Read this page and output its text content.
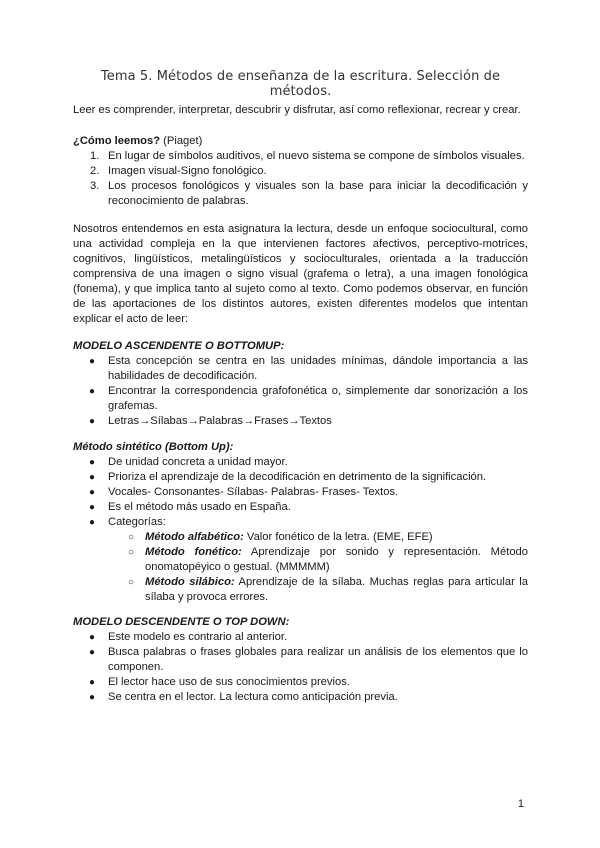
Tema 5. Métodos de enseñanza de la escritura. Selección de métodos.
Leer es comprender, interpretar, descubrir y disfrutar, así como reflexionar, recrear y crear.
¿Cómo leemos? (Piaget)
1. En lugar de símbolos auditivos, el nuevo sistema se compone de símbolos visuales.
2. Imagen visual-Signo fonológico.
3. Los procesos fonológicos y visuales son la base para iniciar la decodificación y reconocimiento de palabras.
Nosotros entendemos en esta asignatura la lectura, desde un enfoque sociocultural, como una actividad compleja en la que intervienen factores afectivos, perceptivo-motrices, cognitivos, lingüísticos, metalingüísticos y socioculturales, orientada a la traducción comprensiva de una imagen o signo visual (grafema o letra), a una imagen fonológica (fonema), y que implica tanto al sujeto como al texto. Como podemos observar, en función de las aportaciones de los distintos autores, existen diferentes modelos que intentan explicar el acto de leer:
MODELO ASCENDENTE O BOTTOMUP:
● Esta concepción se centra en las unidades mínimas, dándole importancia a las habilidades de decodificación.
● Encontrar la correspondencia grafofonética o, simplemente dar sonorización a los grafemas.
● Letras→Sílabas→Palabras→Frases→Textos
Método sintético (Bottom Up):
● De unidad concreta a unidad mayor.
● Prioriza el aprendizaje de la decodificación en detrimento de la significación.
● Vocales- Consonantes- Sílabas- Palabras- Frases- Textos.
● Es el método más usado en España.
● Categorías:
○ Método alfabético: Valor fonético de la letra. (EME, EFE)
○ Método fonético: Aprendizaje por sonido y representación. Método onomatopéyico o gestual. (MMMMM)
○ Método silábico: Aprendizaje de la sílaba. Muchas reglas para articular la sílaba y provoca errores.
MODELO DESCENDENTE O TOP DOWN:
● Este modelo es contrario al anterior.
● Busca palabras o frases globales para realizar un análisis de los elementos que lo componen.
● El lector hace uso de sus conocimientos previos.
● Se centra en el lector. La lectura como anticipación previa.
1
